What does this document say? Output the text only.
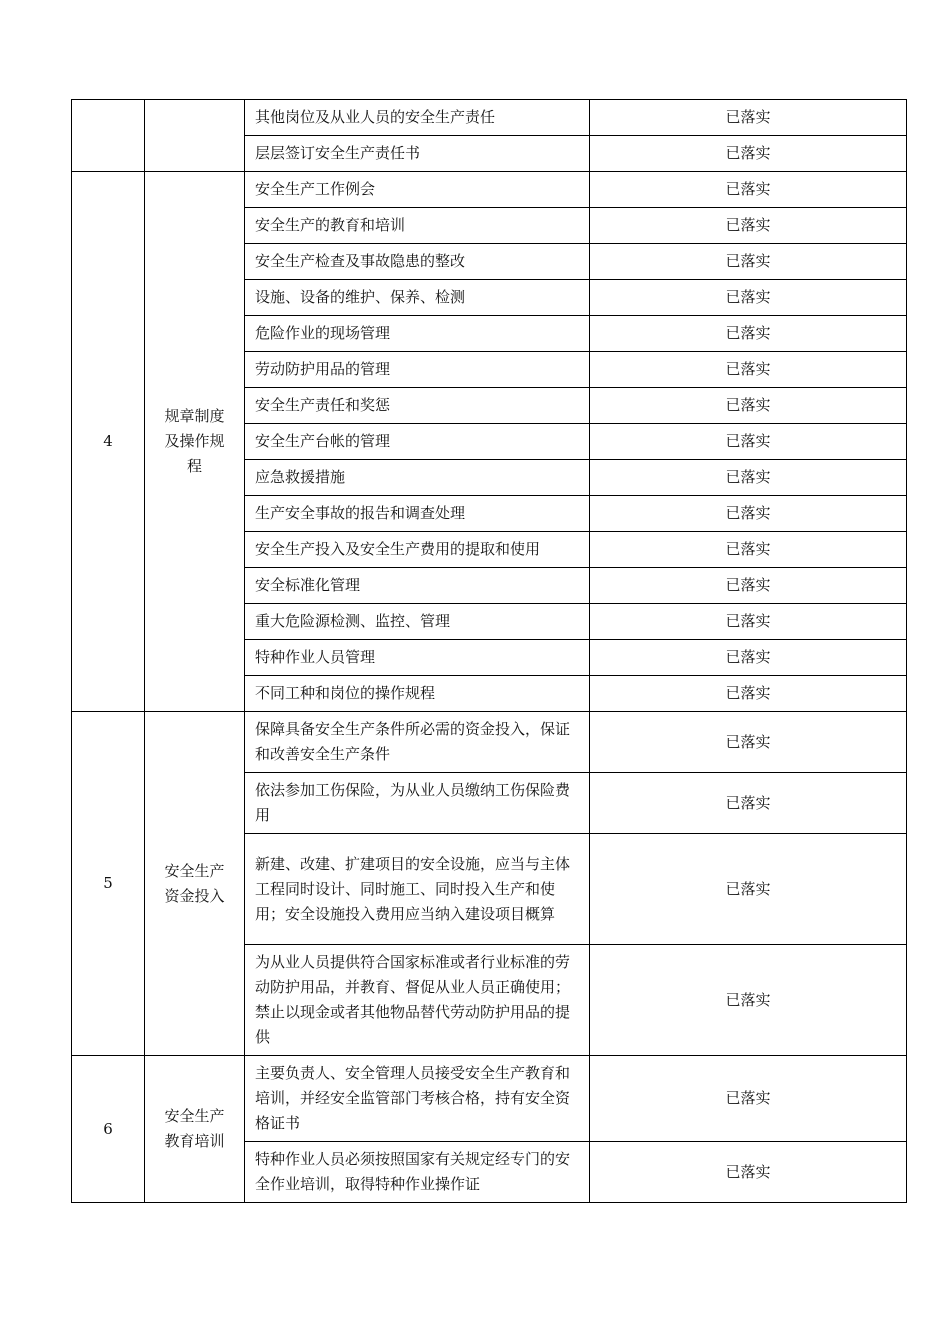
		其他岗位及从业人员的安全生产责任	已落实
		层层签订安全生产责任书	已落实
4	规章制度及操作规程	安全生产工作例会	已落实
		安全生产的教育和培训	已落实
		安全生产检查及事故隐患的整改	已落实
		设施、设备的维护、保养、检测	已落实
		危险作业的现场管理	已落实
		劳动防护用品的管理	已落实
		安全生产责任和奖惩	已落实
		安全生产台帐的管理	已落实
		应急救援措施	已落实
		生产安全事故的报告和调查处理	已落实
		安全生产投入及安全生产费用的提取和使用	已落实
		安全标准化管理	已落实
		重大危险源检测、监控、管理	已落实
		特种作业人员管理	已落实
		不同工种和岗位的操作规程	已落实
5	安全生产资金投入	保障具备安全生产条件所必需的资金投入，保证和改善安全生产条件	已落实
		依法参加工伤保险，为从业人员缴纳工伤保险费用	已落实
		新建、改建、扩建项目的安全设施，应当与主体工程同时设计、同时施工、同时投入生产和使用；安全设施投入费用应当纳入建设项目概算	已落实
		为从业人员提供符合国家标准或者行业标准的劳动防护用品，并教育、督促从业人员正确使用；禁止以现金或者其他物品替代劳动防护用品的提供	已落实
6	安全生产教育培训	主要负责人、安全管理人员接受安全生产教育和培训，并经安全监管部门考核合格，持有安全资格证书	已落实
		特种作业人员必须按照国家有关规定经专门的安全作业培训，取得特种作业操作证	已落实
